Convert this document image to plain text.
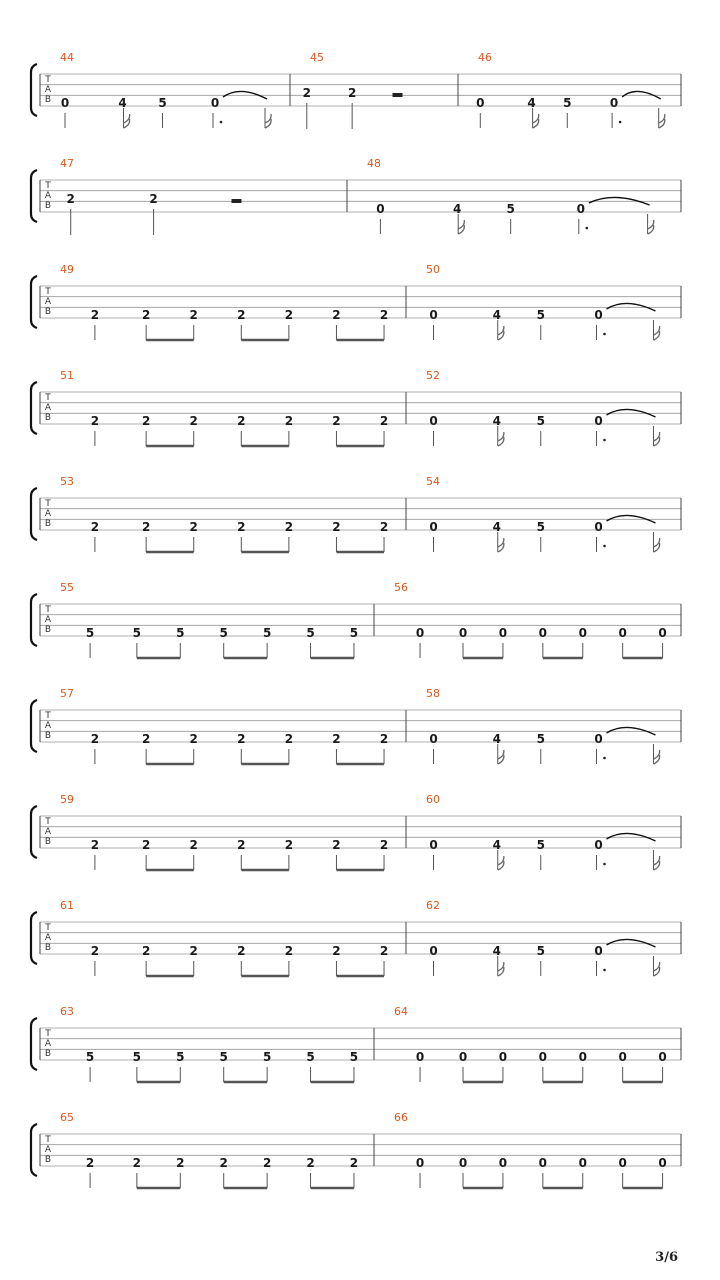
T
A
B
44
0	4	5	0
45
2	2
46
0	4 5	0
T
A
B
47
2	2
48
0	4	5	0
T
A
B
49
2	2	2	2	2	2	2
50
0	4	5	0
T
A
B
51
2	2	2	2	2	2	2
52
0	4	5	0
T
A
B
53
2	2	2	2	2	2	2
54
0	4	5	0
T
A
B
55
5	5	5	5	5	5	5
56
0	0	0	0	0	0	0
T
A
B
57
2	2	2	2	2	2	2
58
0	4	5	0
T
A
B
59
2	2	2	2	2	2	2
60
0	4	5	0
T
A
B
61
2	2	2	2	2	2	2
62
0	4	5	0
T
A
B
63
5	5	5	5	5	5	5
64
0	0	0	0	0	0	0
T
A
B
65
2	2	2	2	2	2	2
66
0	0	0	0	0	0	0
3/6
